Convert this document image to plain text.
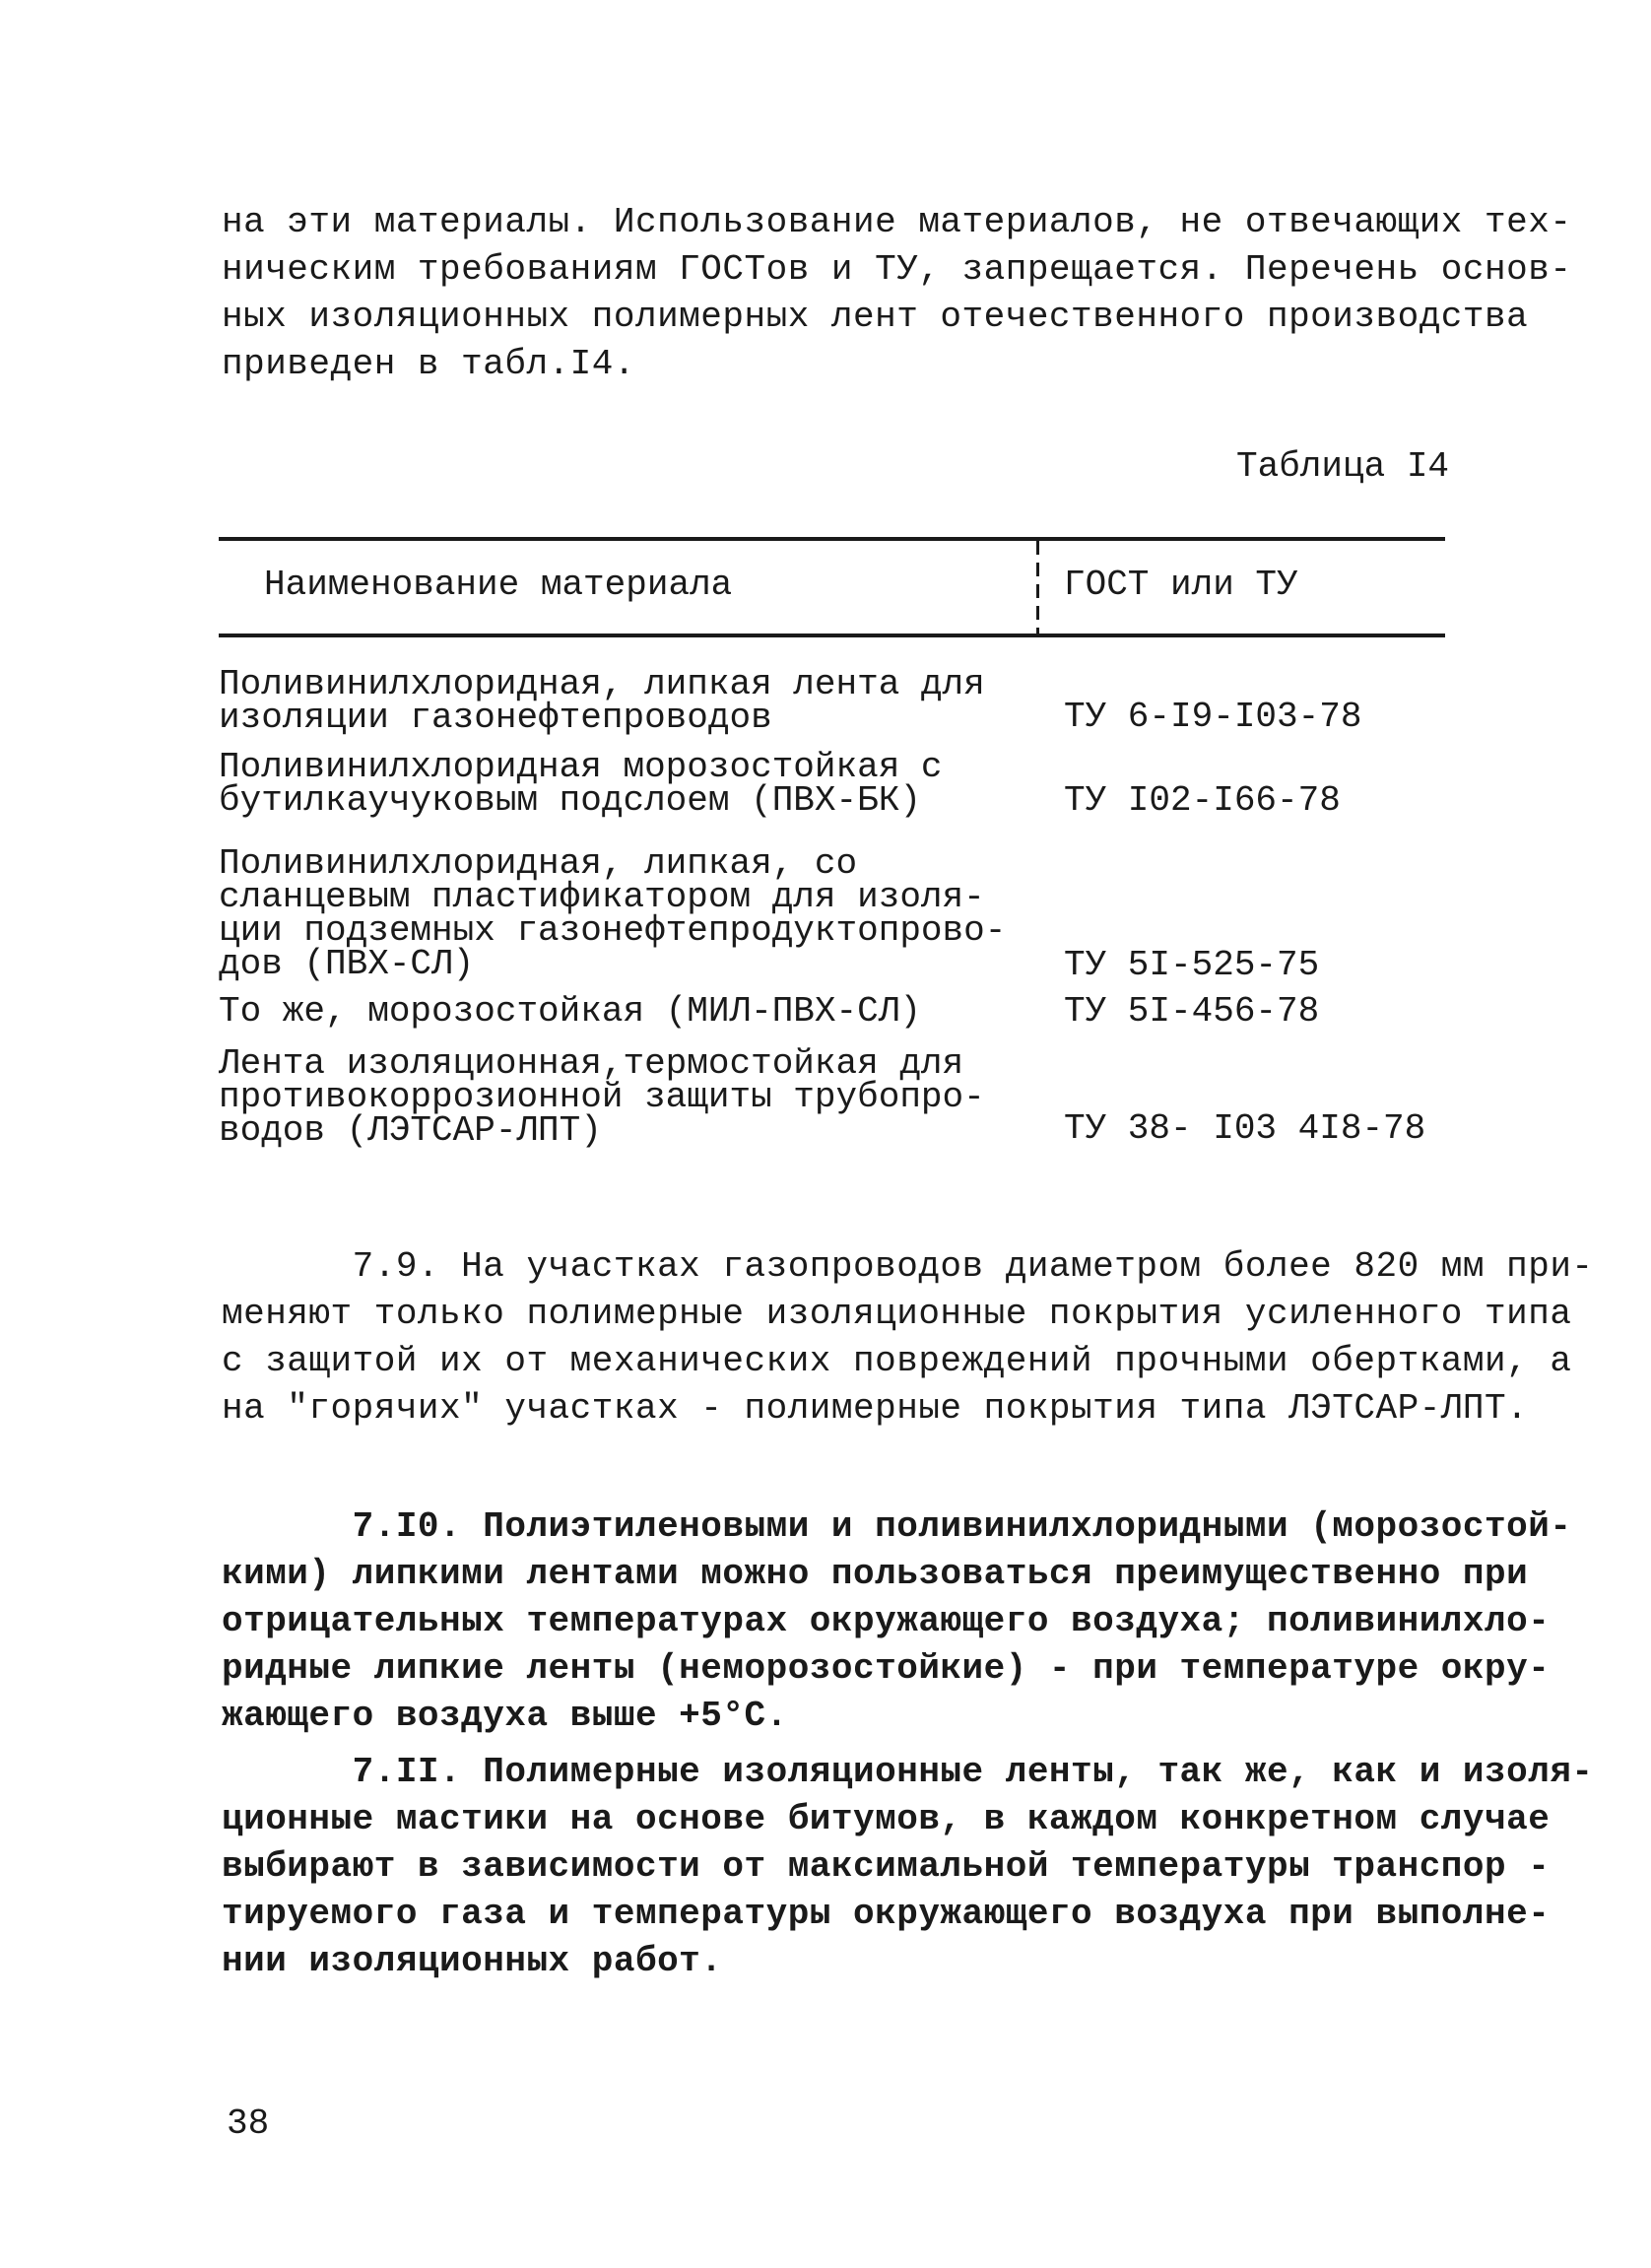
на эти материалы. Использование материалов, не отвечающих тех-
ническим требованиям ГОСТов и ТУ, запрещается. Перечень основ-
ных изоляционных полимерных лент отечественного производства
приведен в табл.I4.
Таблица I4
Наименование материала	ГОСТ или ТУ
Поливинилхлоридная, липкая лента для
изоляции газонефтепроводов	ТУ 6-I9-I03-78
Поливинилхлоридная морозостойкая с
бутилкаучуковым подслоем (ПВХ-БК)	ТУ I02-I66-78
Поливинилхлоридная, липкая, со
сланцевым пластификатором для изоля-
ции подземных газонефтепродуктопрово-
дов (ПВХ-СЛ)	ТУ 5I-525-75
То же, морозостойкая (МИЛ-ПВХ-СЛ)	ТУ 5I-456-78
Лента изоляционная,термостойкая для
противокоррозионной защиты трубопро-
водов (ЛЭТСАР-ЛПТ)	ТУ 38- I03 4I8-78
7.9. На участках газопроводов диаметром более 820 мм при-
меняют только полимерные изоляционные покрытия усиленного типа
с защитой их от механических повреждений прочными обертками, а
на "горячих" участках - полимерные покрытия типа ЛЭТСАР-ЛПТ.
7.I0. Полиэтиленовыми и поливинилхлоридными (морозостой-
кими) липкими лентами можно пользоваться преимущественно при
отрицательных температурах окружающего воздуха; поливинилхло-
ридные липкие ленты (неморозостойкие) - при температуре окру-
жающего воздуха выше +5°С.
7.II. Полимерные изоляционные ленты, так же, как и изоля-
ционные мастики на основе битумов, в каждом конкретном случае
выбирают в зависимости от максимальной температуры транспор -
тируемого газа и температуры окружающего воздуха при выполне-
нии изоляционных работ.
38
